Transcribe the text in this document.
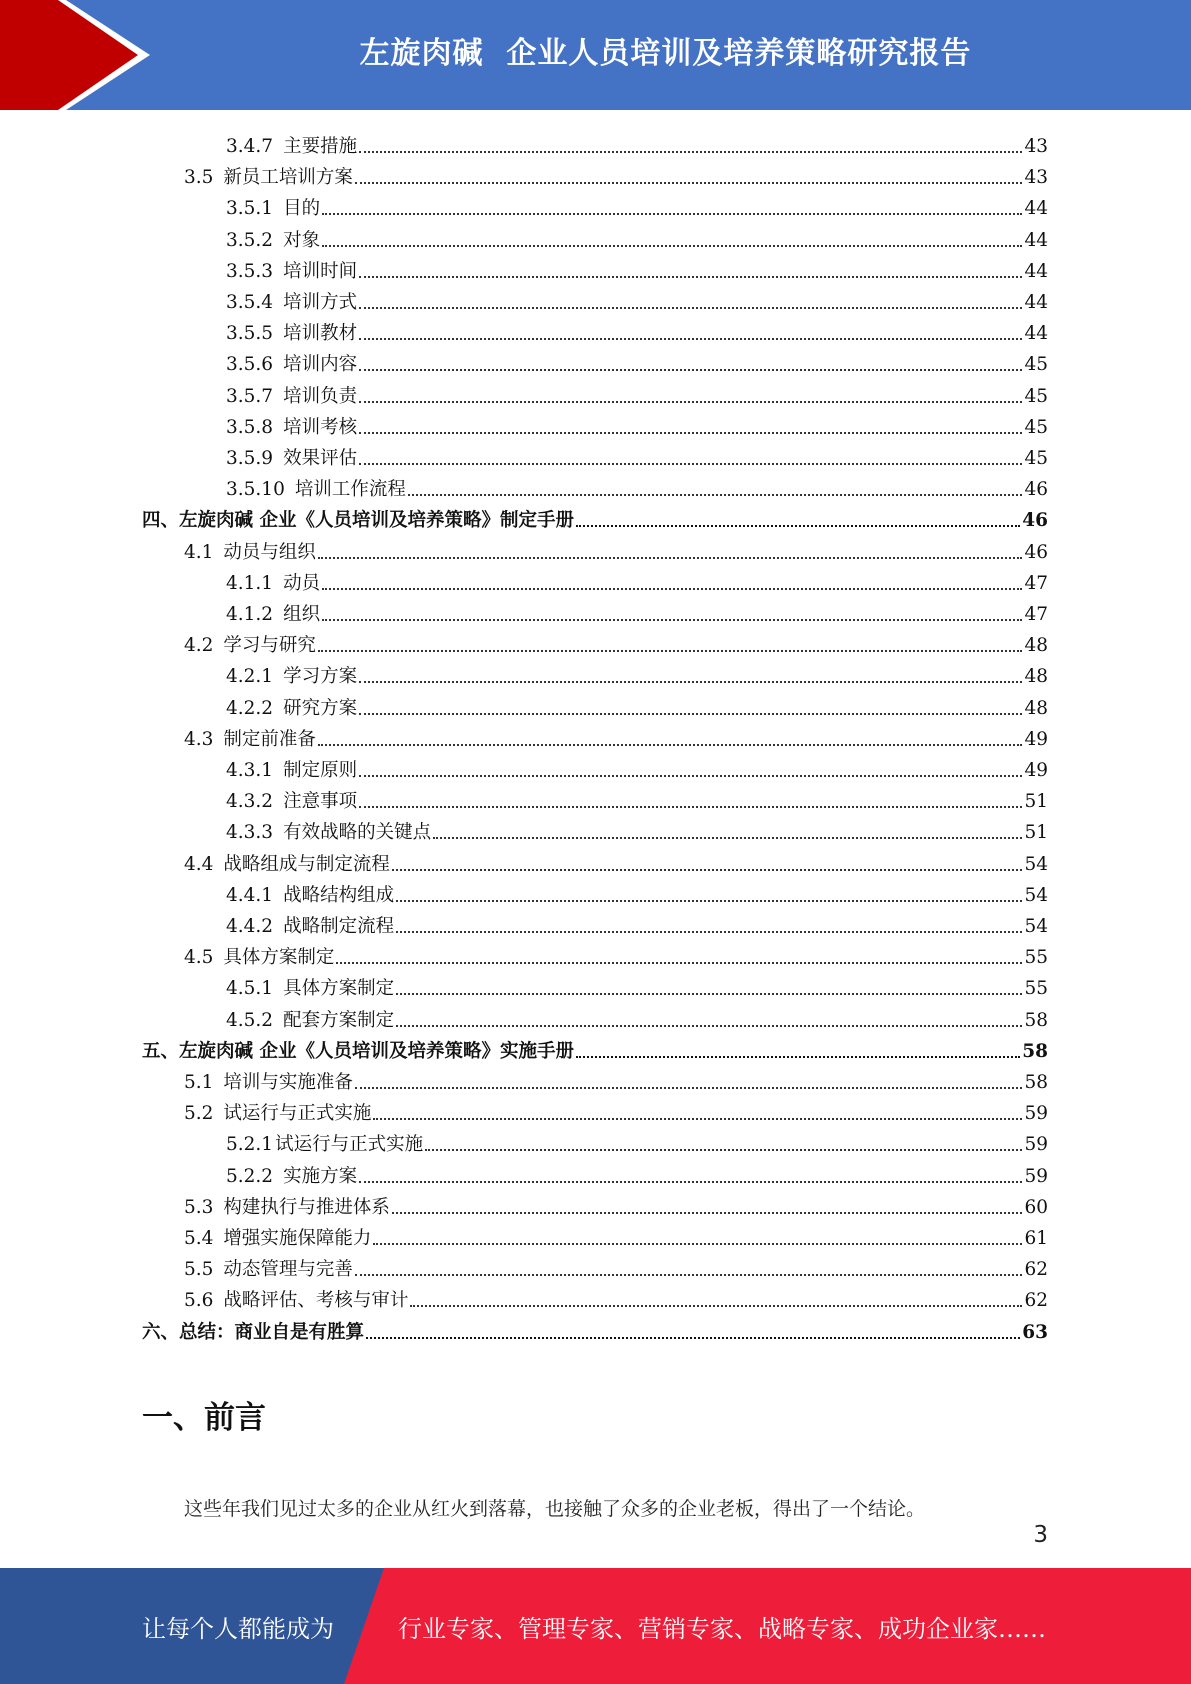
左旋肉碱  企业人员培训及培养策略研究报告
3.4.7 主要措施	43
3.5 新员工培训方案	43
3.5.1 目的	44
3.5.2 对象	44
3.5.3 培训时间	44
3.5.4 培训方式	44
3.5.5 培训教材	44
3.5.6 培训内容	45
3.5.7 培训负责	45
3.5.8 培训考核	45
3.5.9 效果评估	45
3.5.10 培训工作流程	46
四、左旋肉碱 企业《人员培训及培养策略》制定手册	46
4.1 动员与组织	46
4.1.1 动员	47
4.1.2 组织	47
4.2 学习与研究	48
4.2.1 学习方案	48
4.2.2 研究方案	48
4.3 制定前准备	49
4.3.1 制定原则	49
4.3.2 注意事项	51
4.3.3 有效战略的关键点	51
4.4 战略组成与制定流程	54
4.4.1 战略结构组成	54
4.4.2 战略制定流程	54
4.5 具体方案制定	55
4.5.1 具体方案制定	55
4.5.2 配套方案制定	58
五、左旋肉碱 企业《人员培训及培养策略》实施手册	58
5.1 培训与实施准备	58
5.2 试运行与正式实施	59
5.2.1 试运行与正式实施	59
5.2.2 实施方案	59
5.3 构建执行与推进体系	60
5.4 增强实施保障能力	61
5.5 动态管理与完善	62
5.6 战略评估、考核与审计	62
六、总结：商业自是有胜算	63
一、前言
这些年我们见过太多的企业从红火到落幕，也接触了众多的企业老板，得出了一个结论。
3
让每个人都能成为	行业专家、管理专家、营销专家、战略专家、成功企业家……
